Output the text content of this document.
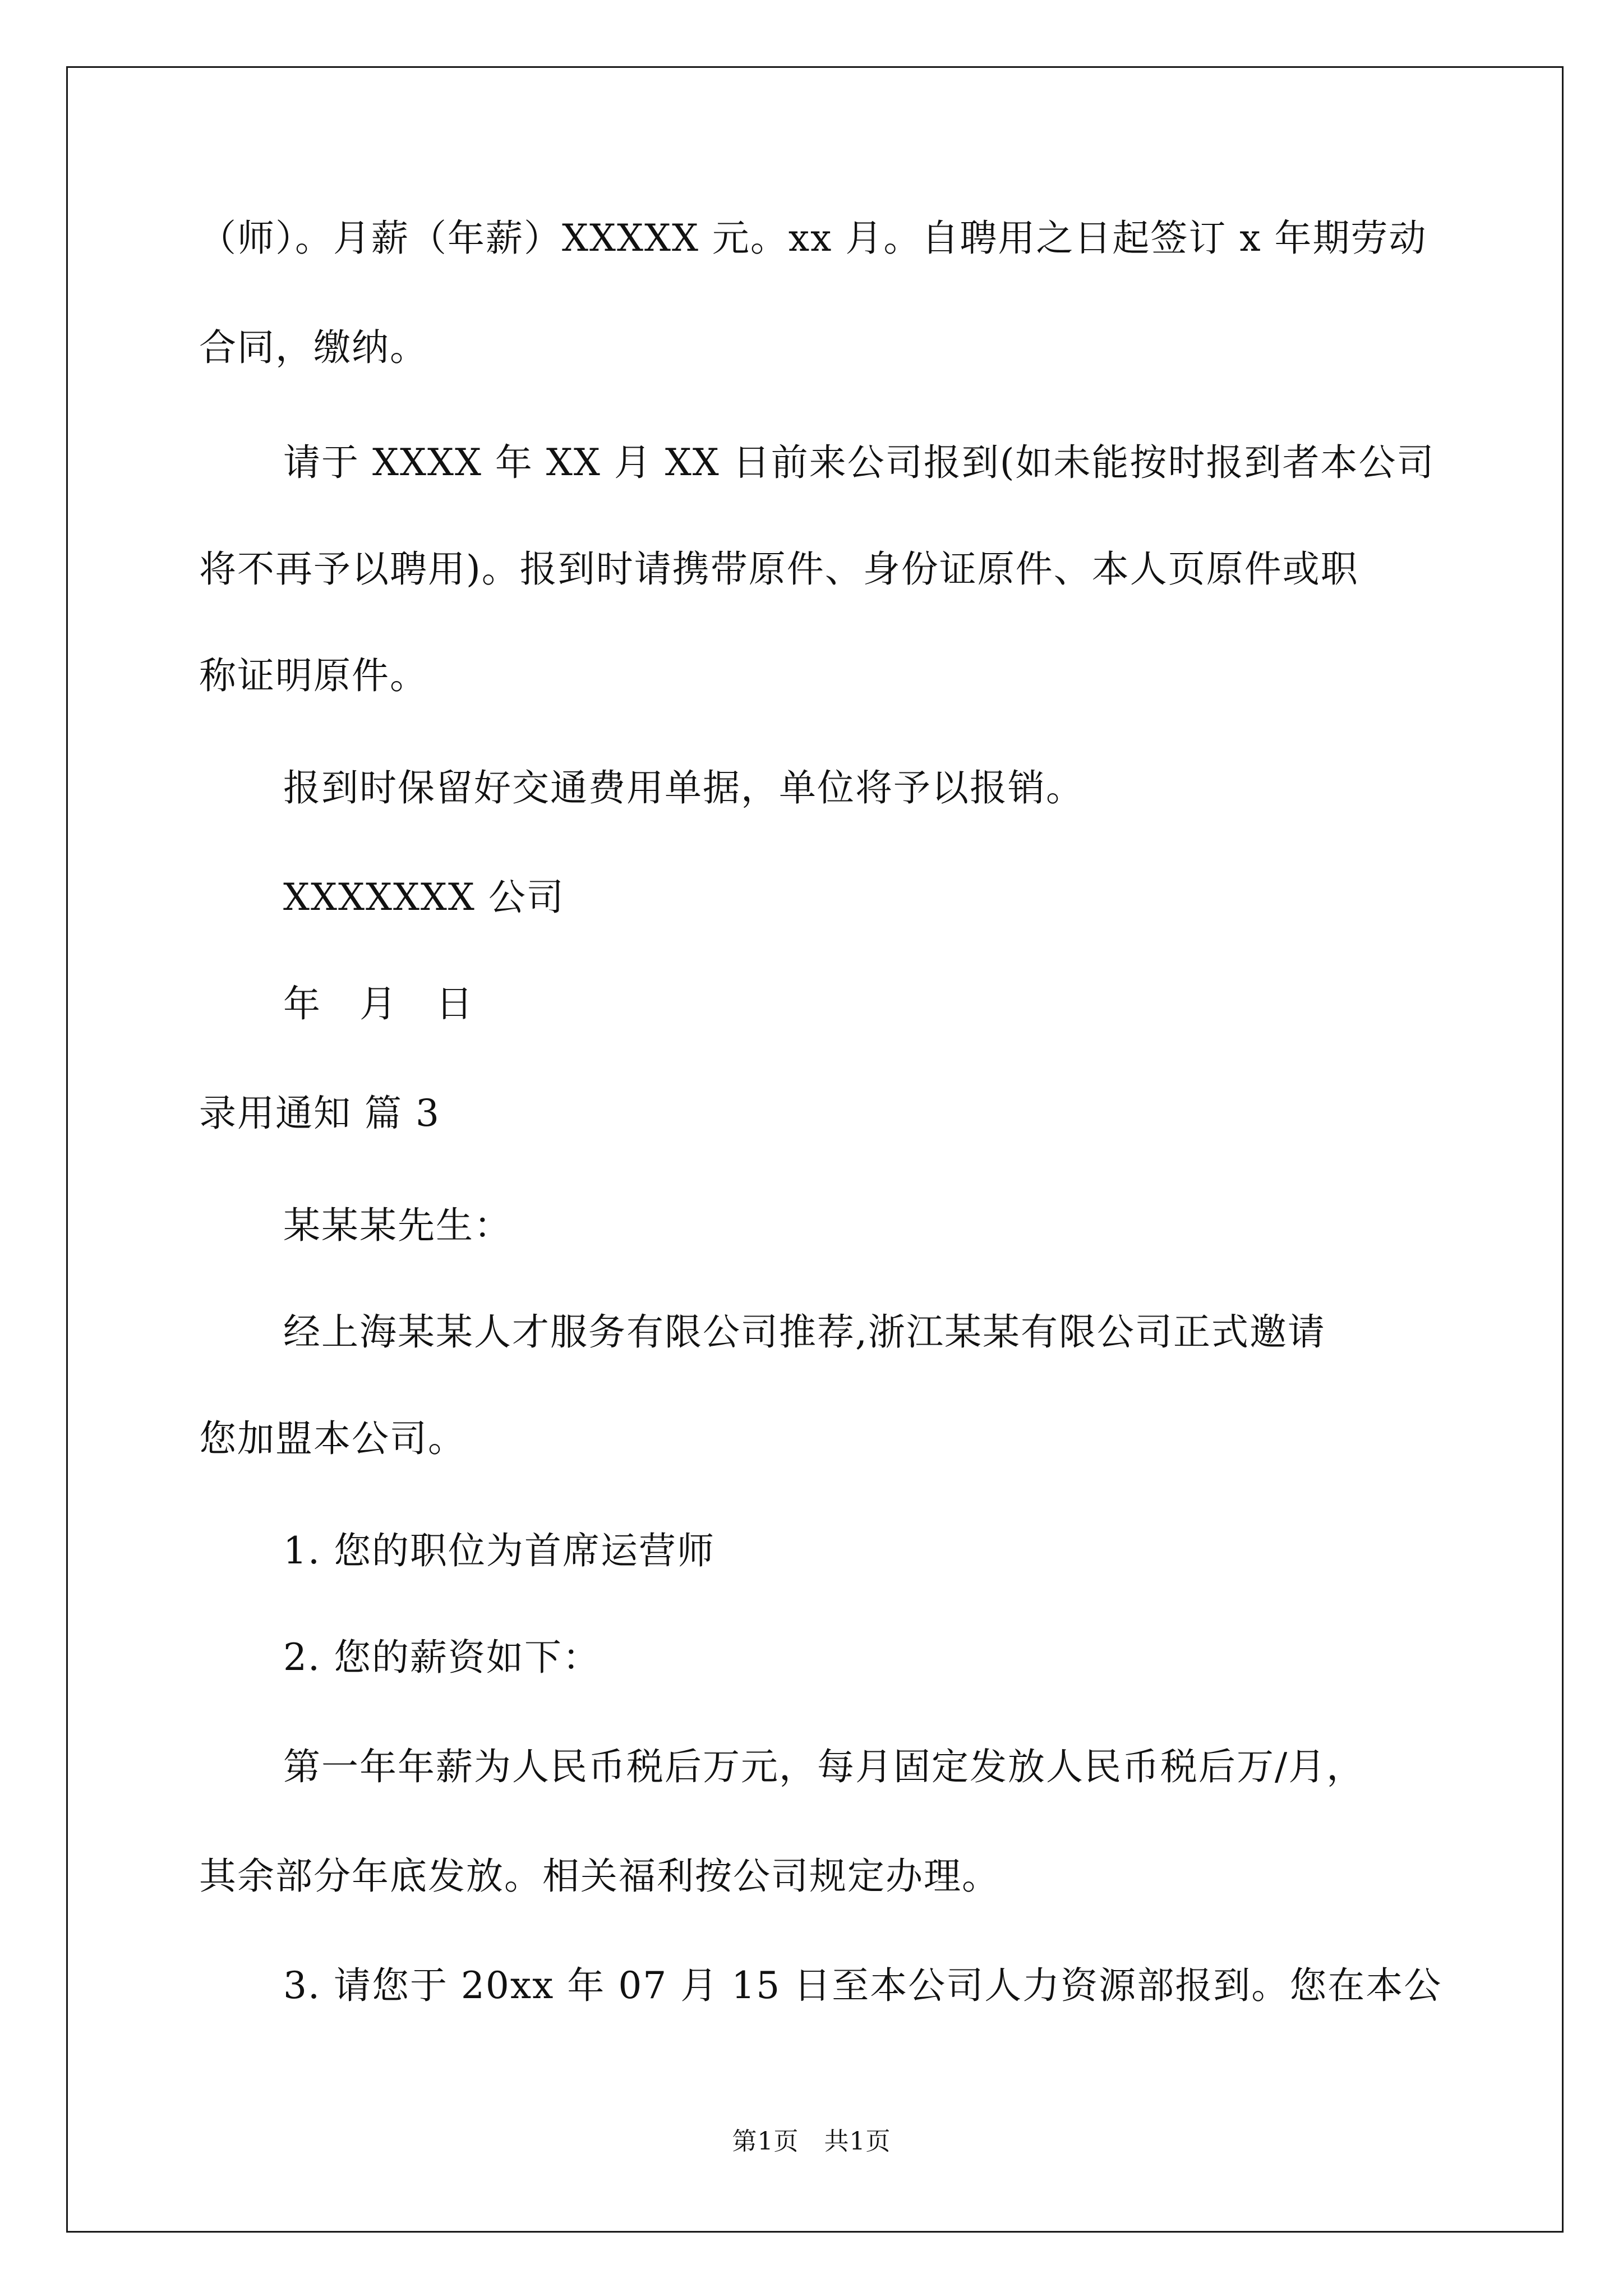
（师）。月薪（年薪）XXXXX 元。xx 月。自聘用之日起签订 x 年期劳动
合同，缴纳。
请于 XXXX 年 XX 月 XX 日前来公司报到(如未能按时报到者本公司
将不再予以聘用)。报到时请携带原件、身份证原件、本人页原件或职
称证明原件。
报到时保留好交通费用单据，单位将予以报销。
XXXXXXX 公司
年　月　日
录用通知 篇 3
某某某先生：
经上海某某人才服务有限公司推荐,浙江某某有限公司正式邀请
您加盟本公司。
1. 您的职位为首席运营师
2. 您的薪资如下：
第一年年薪为人民币税后万元，每月固定发放人民币税后万/月，
其余部分年底发放。相关福利按公司规定办理。
3. 请您于 20xx 年 07 月 15 日至本公司人力资源部报到。您在本公
第1页　共1页
